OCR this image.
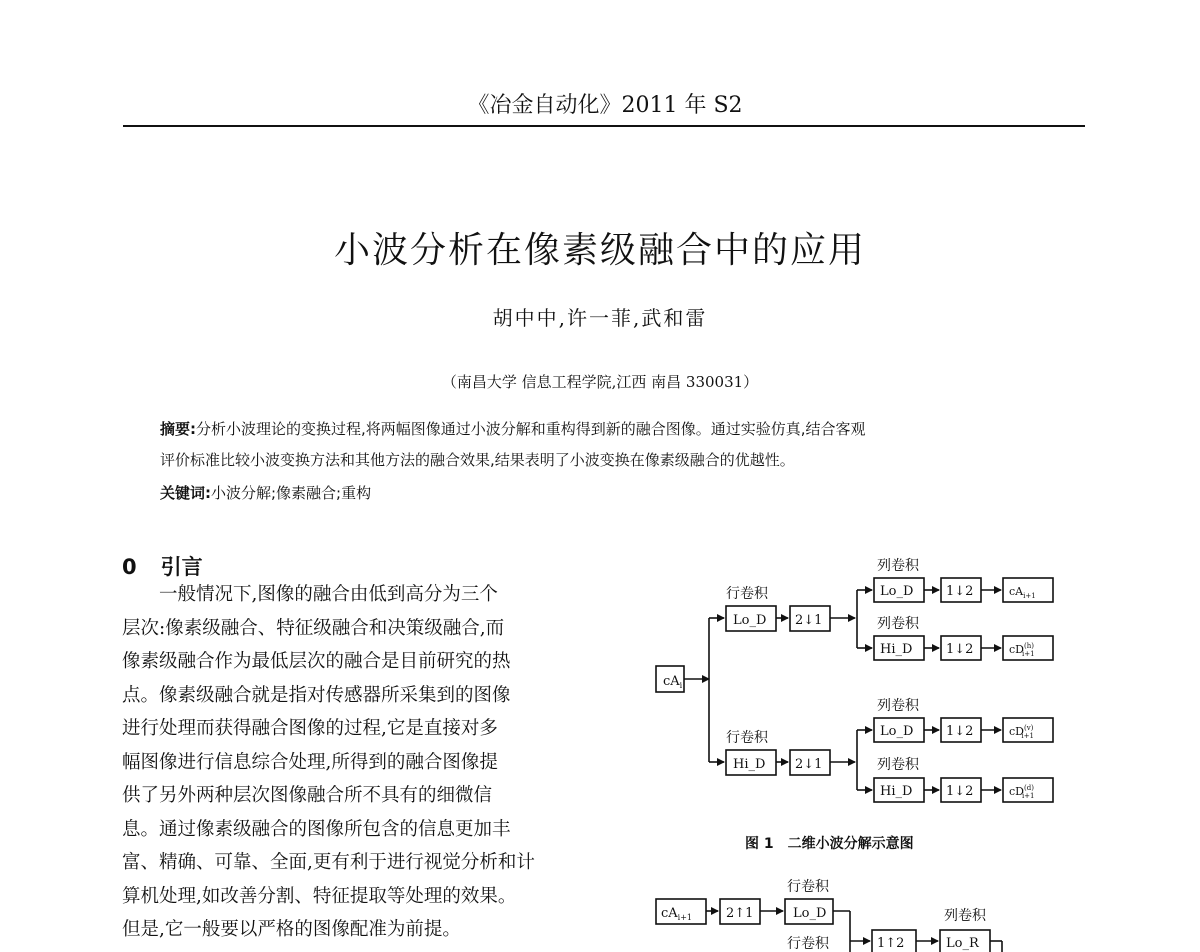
《冶金自动化》2011 年 S2
小波分析在像素级融合中的应用
胡中中,许一菲,武和雷
（南昌大学 信息工程学院,江西 南昌 330031）
摘要:分析小波理论的变换过程,将两幅图像通过小波分解和重构得到新的融合图像。通过实验仿真,结合客观
评价标准比较小波变换方法和其他方法的融合效果,结果表明了小波变换在像素级融合的优越性。
关键词:小波分解;像素融合;重构
0 引言
一般情况下,图像的融合由低到高分为三个
层次:像素级融合、特征级融合和决策级融合,而
像素级融合作为最低层次的融合是目前研究的热
点。像素级融合就是指对传感器所采集到的图像
进行处理而获得融合图像的过程,它是直接对多
幅图像进行信息综合处理,所得到的融合图像提
供了另外两种层次图像融合所不具有的细微信
息。通过像素级融合的图像所包含的信息更加丰
富、精确、可靠、全面,更有利于进行视觉分析和计
算机处理,如改善分割、特征提取等处理的效果。
但是,它一般要以严格的图像配准为前提。
$cA_i$
行卷积
行卷积
列卷积
列卷积
列卷积
列卷积
Lo_D
Hi_D
2↓1
2↓1
Lo_D
Hi_D
Lo_D
Hi_D
1↓2
1↓2
1↓2
1↓2
$cA_{i+1}$
$cD^{(h)}$ i+1
$cD^{(v)}$ i+1
$cD^{(d)}$ i+1
$cA_{i+1}$	2↑1	Lo_D
行卷积
行卷积
列卷积
1↑2	Lo_R
图 1　二维小波分解示意图
